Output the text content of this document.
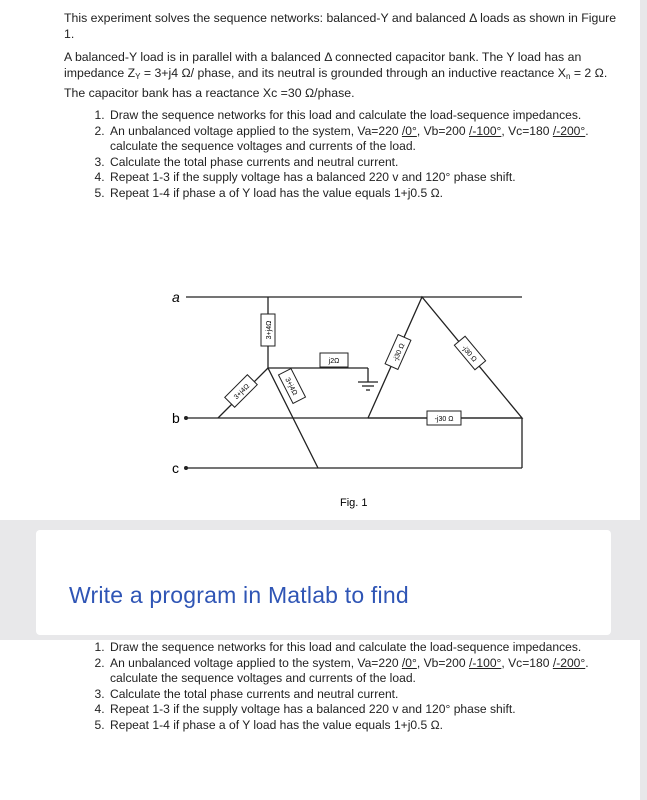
This experiment solves the sequence networks: balanced-Y and balanced Δ loads as shown in Figure 1.

A balanced-Y load is in parallel with a balanced Δ connected capacitor bank. The Y load has an impedance $Z_Y = 3+j4$ Ω/ phase, and its neutral is grounded through an inductive reactance $X_n = 2$ Ω. The capacitor bank has a reactance Xc =30 Ω/phase.

1. Draw the sequence networks for this load and calculate the load-sequence impedances.
2. An unbalanced voltage applied to the system, Va=220 /0°, Vb=200 /-100°, Vc=180 /-200°.
calculate the sequence voltages and currents of the load.
3. Calculate the total phase currents and neutral current.
4. Repeat 1-3 if the supply voltage has a balanced 220 v and 120° phase shift.
5. Repeat 1-4 if phase a of Y load has the value equals 1+j0.5 Ω.
a
b
c
3+j4Ω
3+j4Ω	3+j4Ω
j2Ω	-j30 Ω	-j30 Ω
-j30 Ω
Fig. 1
Write a program in Matlab to find
1. Draw the sequence networks for this load and calculate the load-sequence impedances.
2. An unbalanced voltage applied to the system, Va=220 /0°, Vb=200 /-100°, Vc=180 /-200°.
calculate the sequence voltages and currents of the load.
3. Calculate the total phase currents and neutral current.
4. Repeat 1-3 if the supply voltage has a balanced 220 v and 120° phase shift.
5. Repeat 1-4 if phase a of Y load has the value equals 1+j0.5 Ω.
